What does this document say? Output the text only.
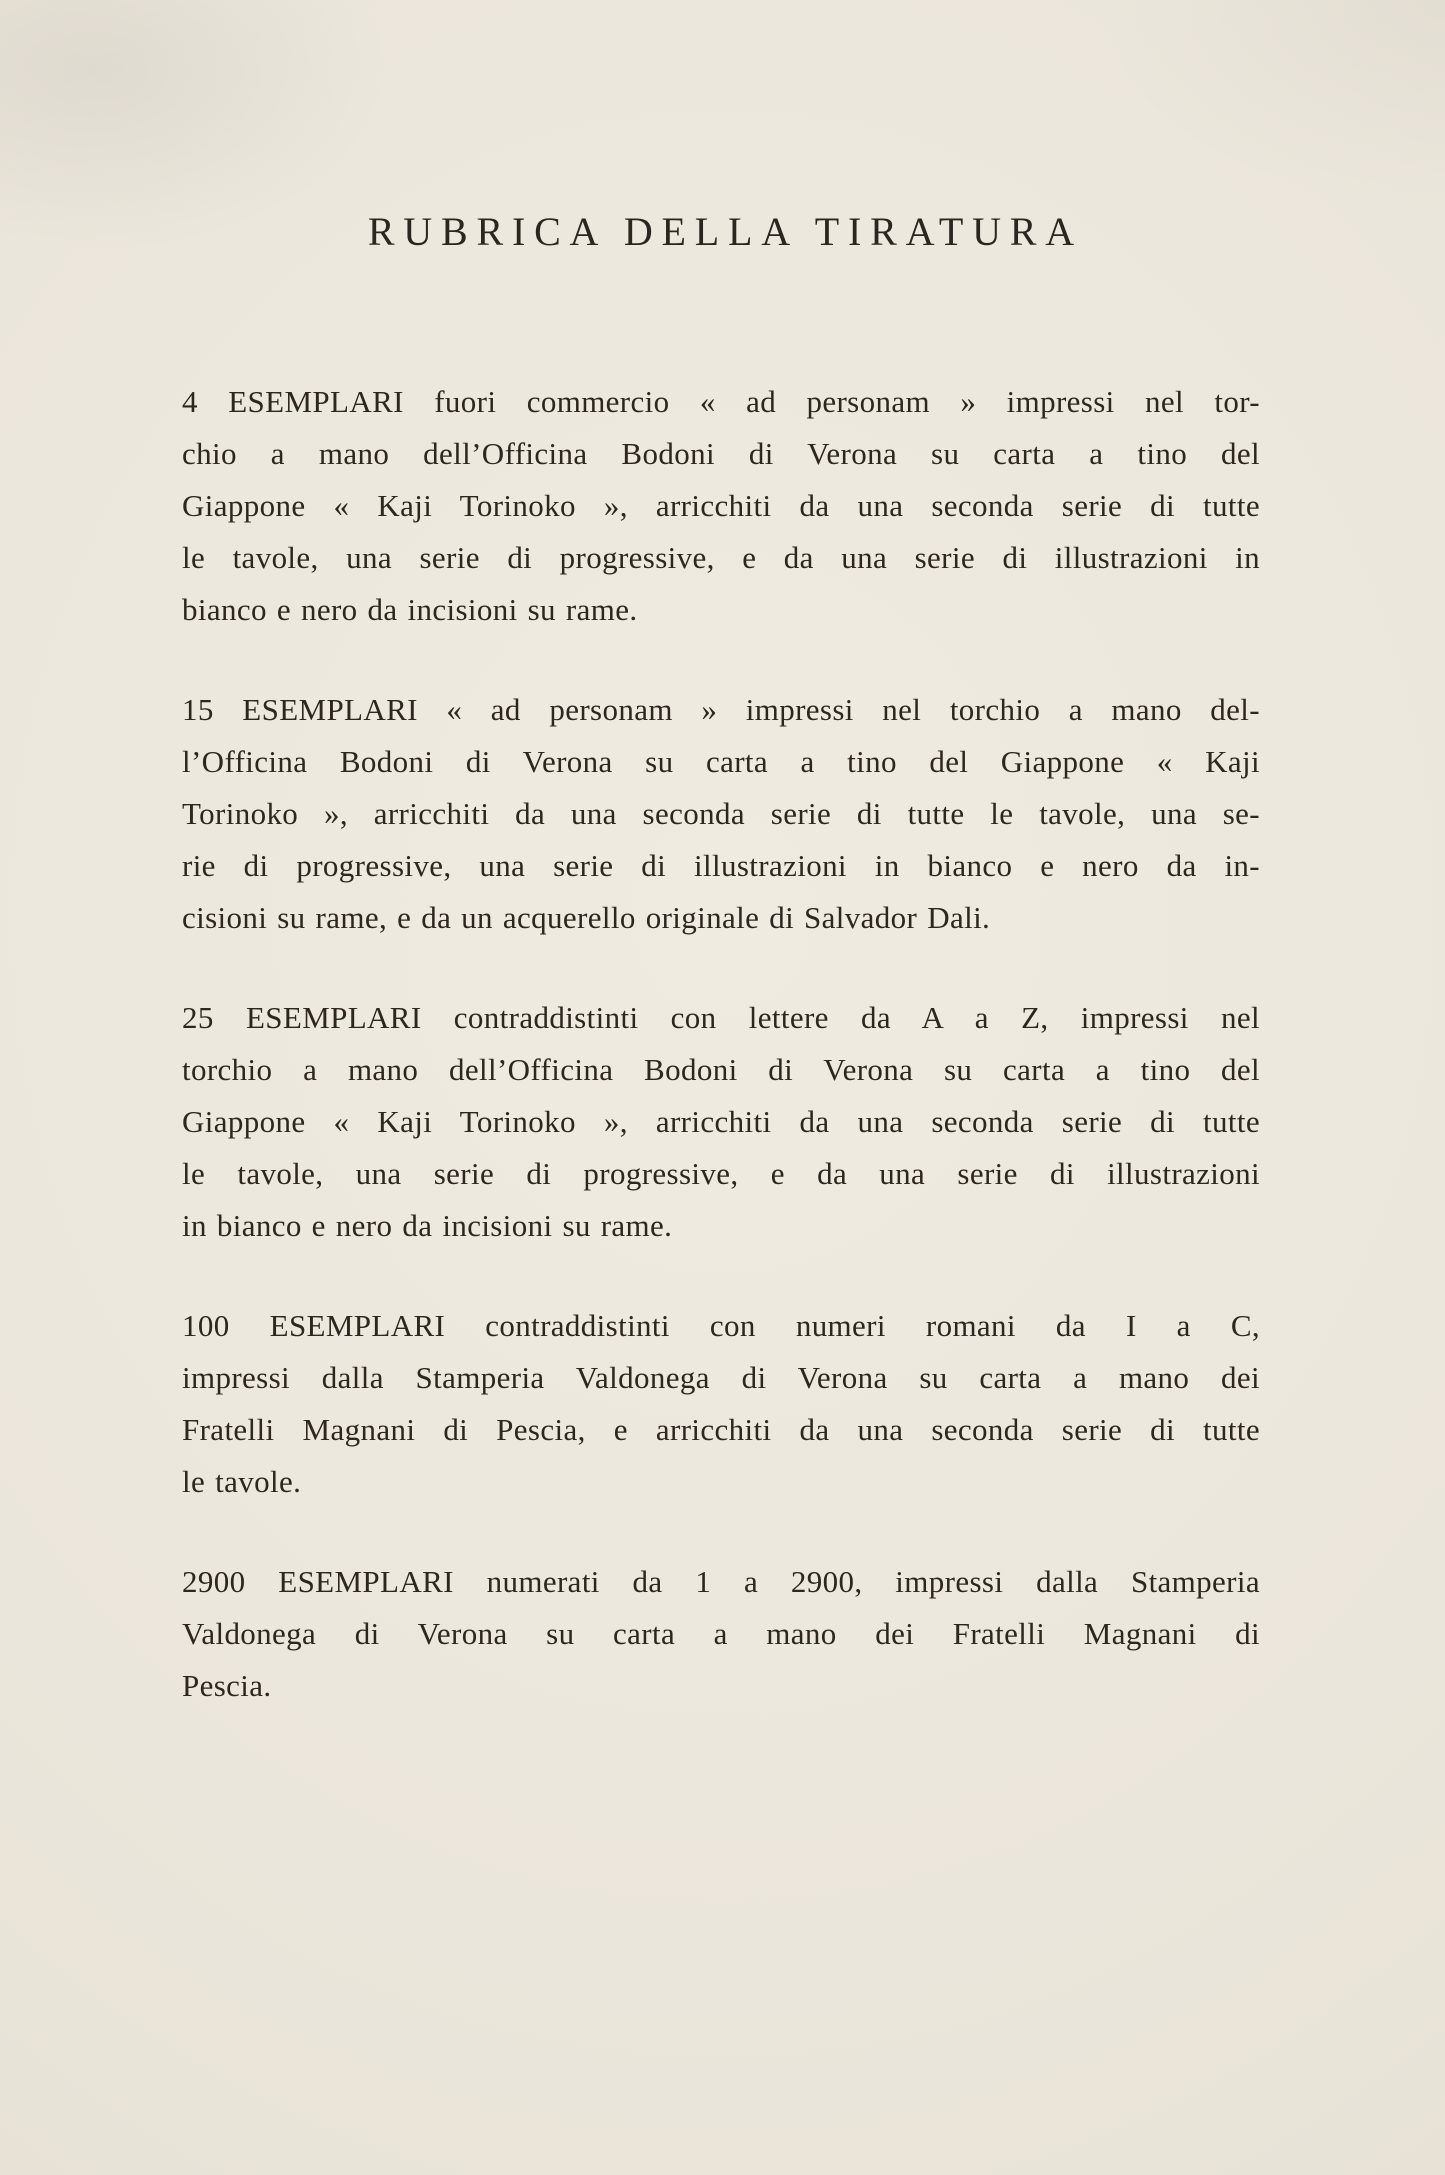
RUBRICA DELLA TIRATURA
4 ESEMPLARI fuori commercio « ad personam » impressi nel tor-
chio a mano dell’Officina Bodoni di Verona su carta a tino del
Giappone « Kaji Torinoko », arricchiti da una seconda serie di tutte
le tavole, una serie di progressive, e da una serie di illustrazioni in
bianco e nero da incisioni su rame.
15 ESEMPLARI « ad personam » impressi nel torchio a mano del-
l’Officina Bodoni di Verona su carta a tino del Giappone « Kaji
Torinoko », arricchiti da una seconda serie di tutte le tavole, una se-
rie di progressive, una serie di illustrazioni in bianco e nero da in-
cisioni su rame, e da un acquerello originale di Salvador Dali.
25 ESEMPLARI contraddistinti con lettere da A a Z, impressi nel
torchio a mano dell’Officina Bodoni di Verona su carta a tino del
Giappone « Kaji Torinoko », arricchiti da una seconda serie di tutte
le tavole, una serie di progressive, e da una serie di illustrazioni
in bianco e nero da incisioni su rame.
100 ESEMPLARI contraddistinti con numeri romani da I a C,
impressi dalla Stamperia Valdonega di Verona su carta a mano dei
Fratelli Magnani di Pescia, e arricchiti da una seconda serie di tutte
le tavole.
2900 ESEMPLARI numerati da 1 a 2900, impressi dalla Stamperia
Valdonega di Verona su carta a mano dei Fratelli Magnani di
Pescia.
